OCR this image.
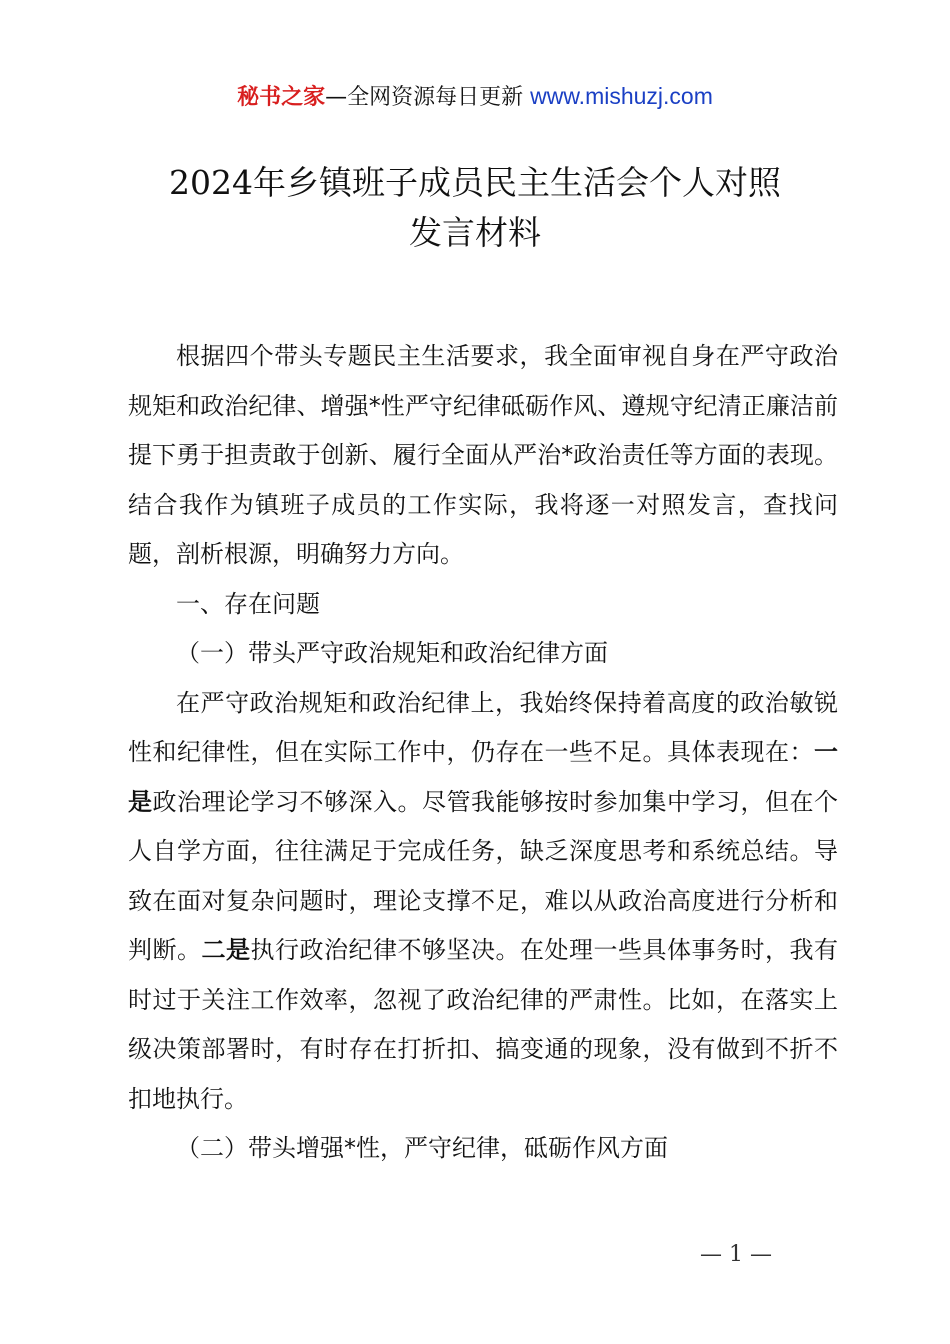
秘书之家—全网资源每日更新 www.mishuzj.com
2024年乡镇班子成员民主生活会个人对照
发言材料

根据四个带头专题民主生活要求，我全面审视自身在严守政治规矩和政治纪律、增强*性严守纪律砥砺作风、遵规守纪清正廉洁前提下勇于担责敢于创新、履行全面从严治*政治责任等方面的表现。结合我作为镇班子成员的工作实际，我将逐一对照发言，查找问题，剖析根源，明确努力方向。

一、存在问题

（一）带头严守政治规矩和政治纪律方面

在严守政治规矩和政治纪律上，我始终保持着高度的政治敏锐性和纪律性，但在实际工作中，仍存在一些不足。具体表现在：一是政治理论学习不够深入。尽管我能够按时参加集中学习，但在个人自学方面，往往满足于完成任务，缺乏深度思考和系统总结。导致在面对复杂问题时，理论支撑不足，难以从政治高度进行分析和判断。二是执行政治纪律不够坚决。在处理一些具体事务时，我有时过于关注工作效率，忽视了政治纪律的严肃性。比如，在落实上级决策部署时，有时存在打折扣、搞变通的现象，没有做到不折不扣地执行。

（二）带头增强*性，严守纪律，砥砺作风方面

— 1 —
